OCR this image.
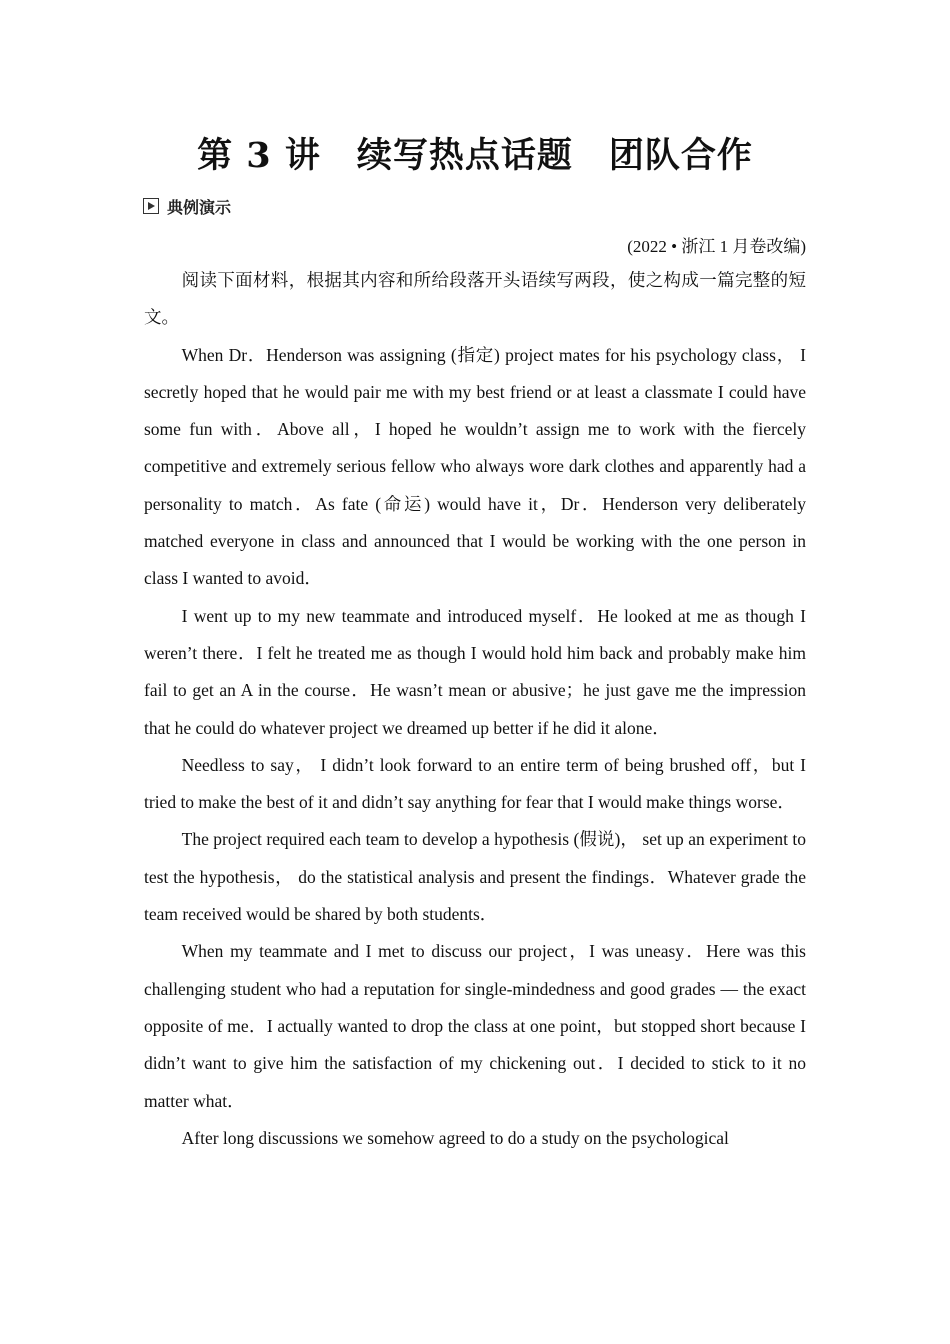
第 3 讲　续写热点话题　团队合作
典例演示
(2022 • 浙江 1 月卷改编)

阅读下面材料，根据其内容和所给段落开头语续写两段，使之构成一篇完整的短文。

When Dr．Henderson was assigning (指定) project mates for his psychology class， I secretly hoped that he would pair me with my best friend or at least a classmate I could have some fun with．Above all，I hoped he wouldn’t assign me to work with the fiercely competitive and extremely serious fellow who always wore dark clothes and apparently had a personality to match．As fate (命运) would have it，Dr．Henderson very deliberately matched everyone in class and announced that I would be working with the one person in class I wanted to avoid．

I went up to my new teammate and introduced myself．He looked at me as though I weren’t there．I felt he treated me as though I would hold him back and probably make him fail to get an A in the course．He wasn’t mean or abusive；he just gave me the impression that he could do whatever project we dreamed up better if he did it alone．

Needless to say， I didn’t look forward to an entire term of being brushed off，but I tried to make the best of it and didn’t say anything for fear that I would make things worse．

The project required each team to develop a hypothesis (假说)， set up an experiment to test the hypothesis， do the statistical analysis and present the findings．Whatever grade the team received would be shared by both students．

When my teammate and I met to discuss our project，I was uneasy．Here was this challenging student who had a reputation for single-mindedness and good grades — the exact opposite of me．I actually wanted to drop the class at one point，but stopped short because I didn’t want to give him the satisfaction of my chickening out．I decided to stick to it no matter what．

After long discussions we somehow agreed to do a study on the psychological
